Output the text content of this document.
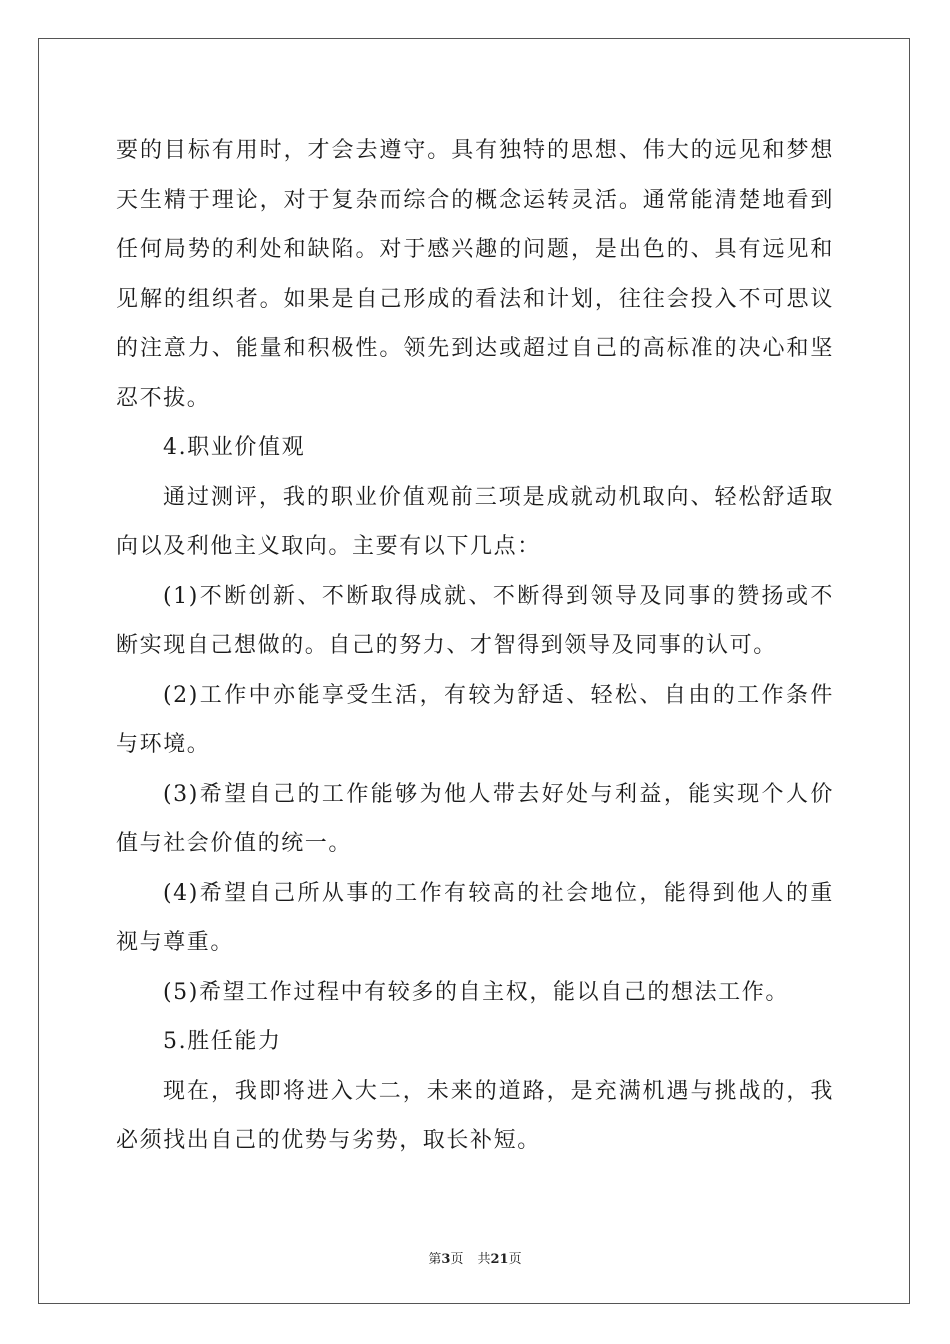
要的目标有用时，才会去遵守。具有独特的思想、伟大的远见和梦想天生精于理论，对于复杂而综合的概念运转灵活。通常能清楚地看到任何局势的利处和缺陷。对于感兴趣的问题，是出色的、具有远见和见解的组织者。如果是自己形成的看法和计划，往往会投入不可思议的注意力、能量和积极性。领先到达或超过自己的高标准的决心和坚忍不拔。

4.职业价值观

通过测评，我的职业价值观前三项是成就动机取向、轻松舒适取向以及利他主义取向。主要有以下几点：

(1)不断创新、不断取得成就、不断得到领导及同事的赞扬或不断实现自己想做的。自己的努力、才智得到领导及同事的认可。

(2)工作中亦能享受生活，有较为舒适、轻松、自由的工作条件与环境。

(3)希望自己的工作能够为他人带去好处与利益，能实现个人价值与社会价值的统一。

(4)希望自己所从事的工作有较高的社会地位，能得到他人的重视与尊重。

(5)希望工作过程中有较多的自主权，能以自己的想法工作。

5.胜任能力

现在，我即将进入大二，未来的道路，是充满机遇与挑战的，我必须找出自己的优势与劣势，取长补短。

第3页 共21页
